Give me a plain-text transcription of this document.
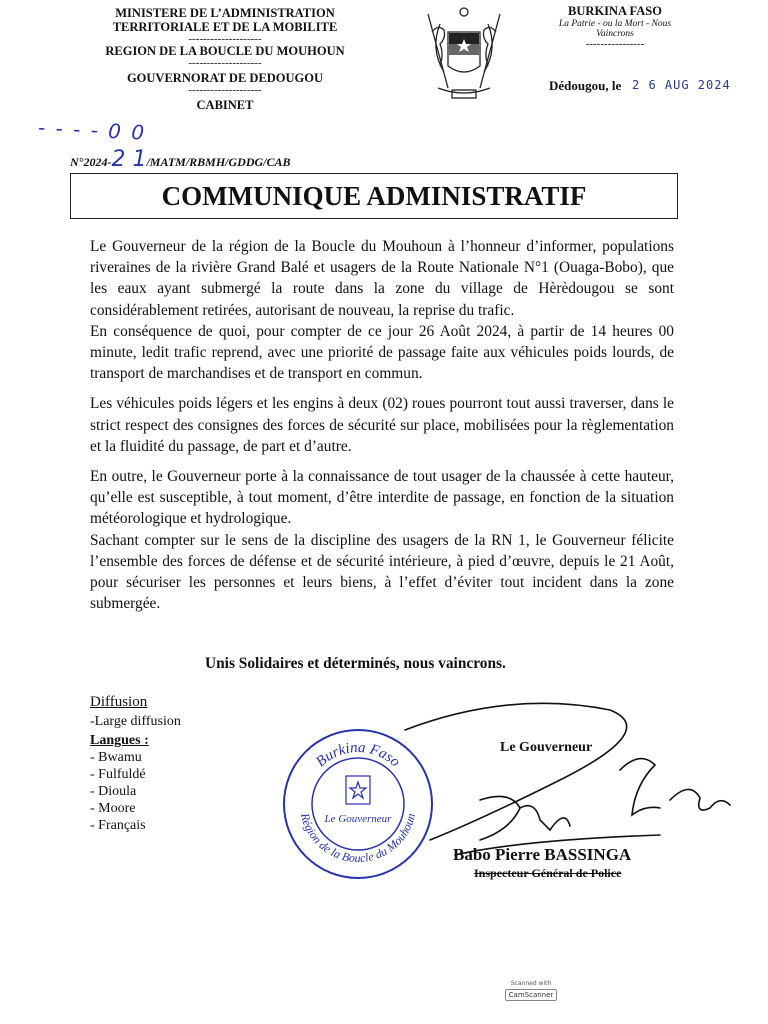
MINISTERE DE L’ADMINISTRATION
TERRITORIALE ET DE LA MOBILITE
--------------------
REGION DE LA BOUCLE DU MOUHOUN
--------------------
GOUVERNORAT DE DEDOUGOU
--------------------
CABINET
BURKINA FASO
La Patrie - ou la Mort - Nous Vaincrons
----------------
Dédougou, le 2 6 AUG 2024
- - - - 0 0
N°2024-2 1/MATM/RBMH/GDDG/CAB
COMMUNIQUE ADMINISTRATIF

Le Gouverneur de la région de la Boucle du Mouhoun à l’honneur d’informer, populations riveraines de la rivière Grand Balé et usagers de la Route Nationale N°1 (Ouaga-Bobo), que les eaux ayant submergé la route dans la zone du village de Hèrèdougou se sont considérablement retirées, autorisant de nouveau, la reprise du trafic.

En conséquence de quoi, pour compter de ce jour 26 Août 2024, à partir de 14 heures 00 minute, ledit trafic reprend, avec une priorité de passage faite aux véhicules poids lourds, de transport de marchandises et de transport en commun.

Les véhicules poids légers et les engins à deux (02) roues pourront tout aussi traverser, dans le strict respect des consignes des forces de sécurité sur place, mobilisées pour la règlementation et la fluidité du passage, de part et d’autre.

En outre, le Gouverneur porte à la connaissance de tout usager de la chaussée à cette hauteur, qu’elle est susceptible, à tout moment, d’être interdite de passage, en fonction de la situation météorologique et hydrologique.

Sachant compter sur le sens de la discipline des usagers de la RN 1, le Gouverneur félicite l’ensemble des forces de défense et de sécurité intérieure, à pied d’œuvre, depuis le 21 Août, pour sécuriser les personnes et leurs biens, à l’effet d’éviter tout incident dans la zone submergée.

Unis Solidaires et déterminés, nous vaincrons.
Diffusion
-Large diffusion
Langues :
- Bwamu
- Fulfuldé
- Dioula
- Moore
- Français
Burkina Faso
Région de la Boucle du Mouhoun
Le Gouverneur
Le Gouverneur
Babo Pierre BASSINGA
Inspecteur Général de Police
Scanned with
CamScanner
